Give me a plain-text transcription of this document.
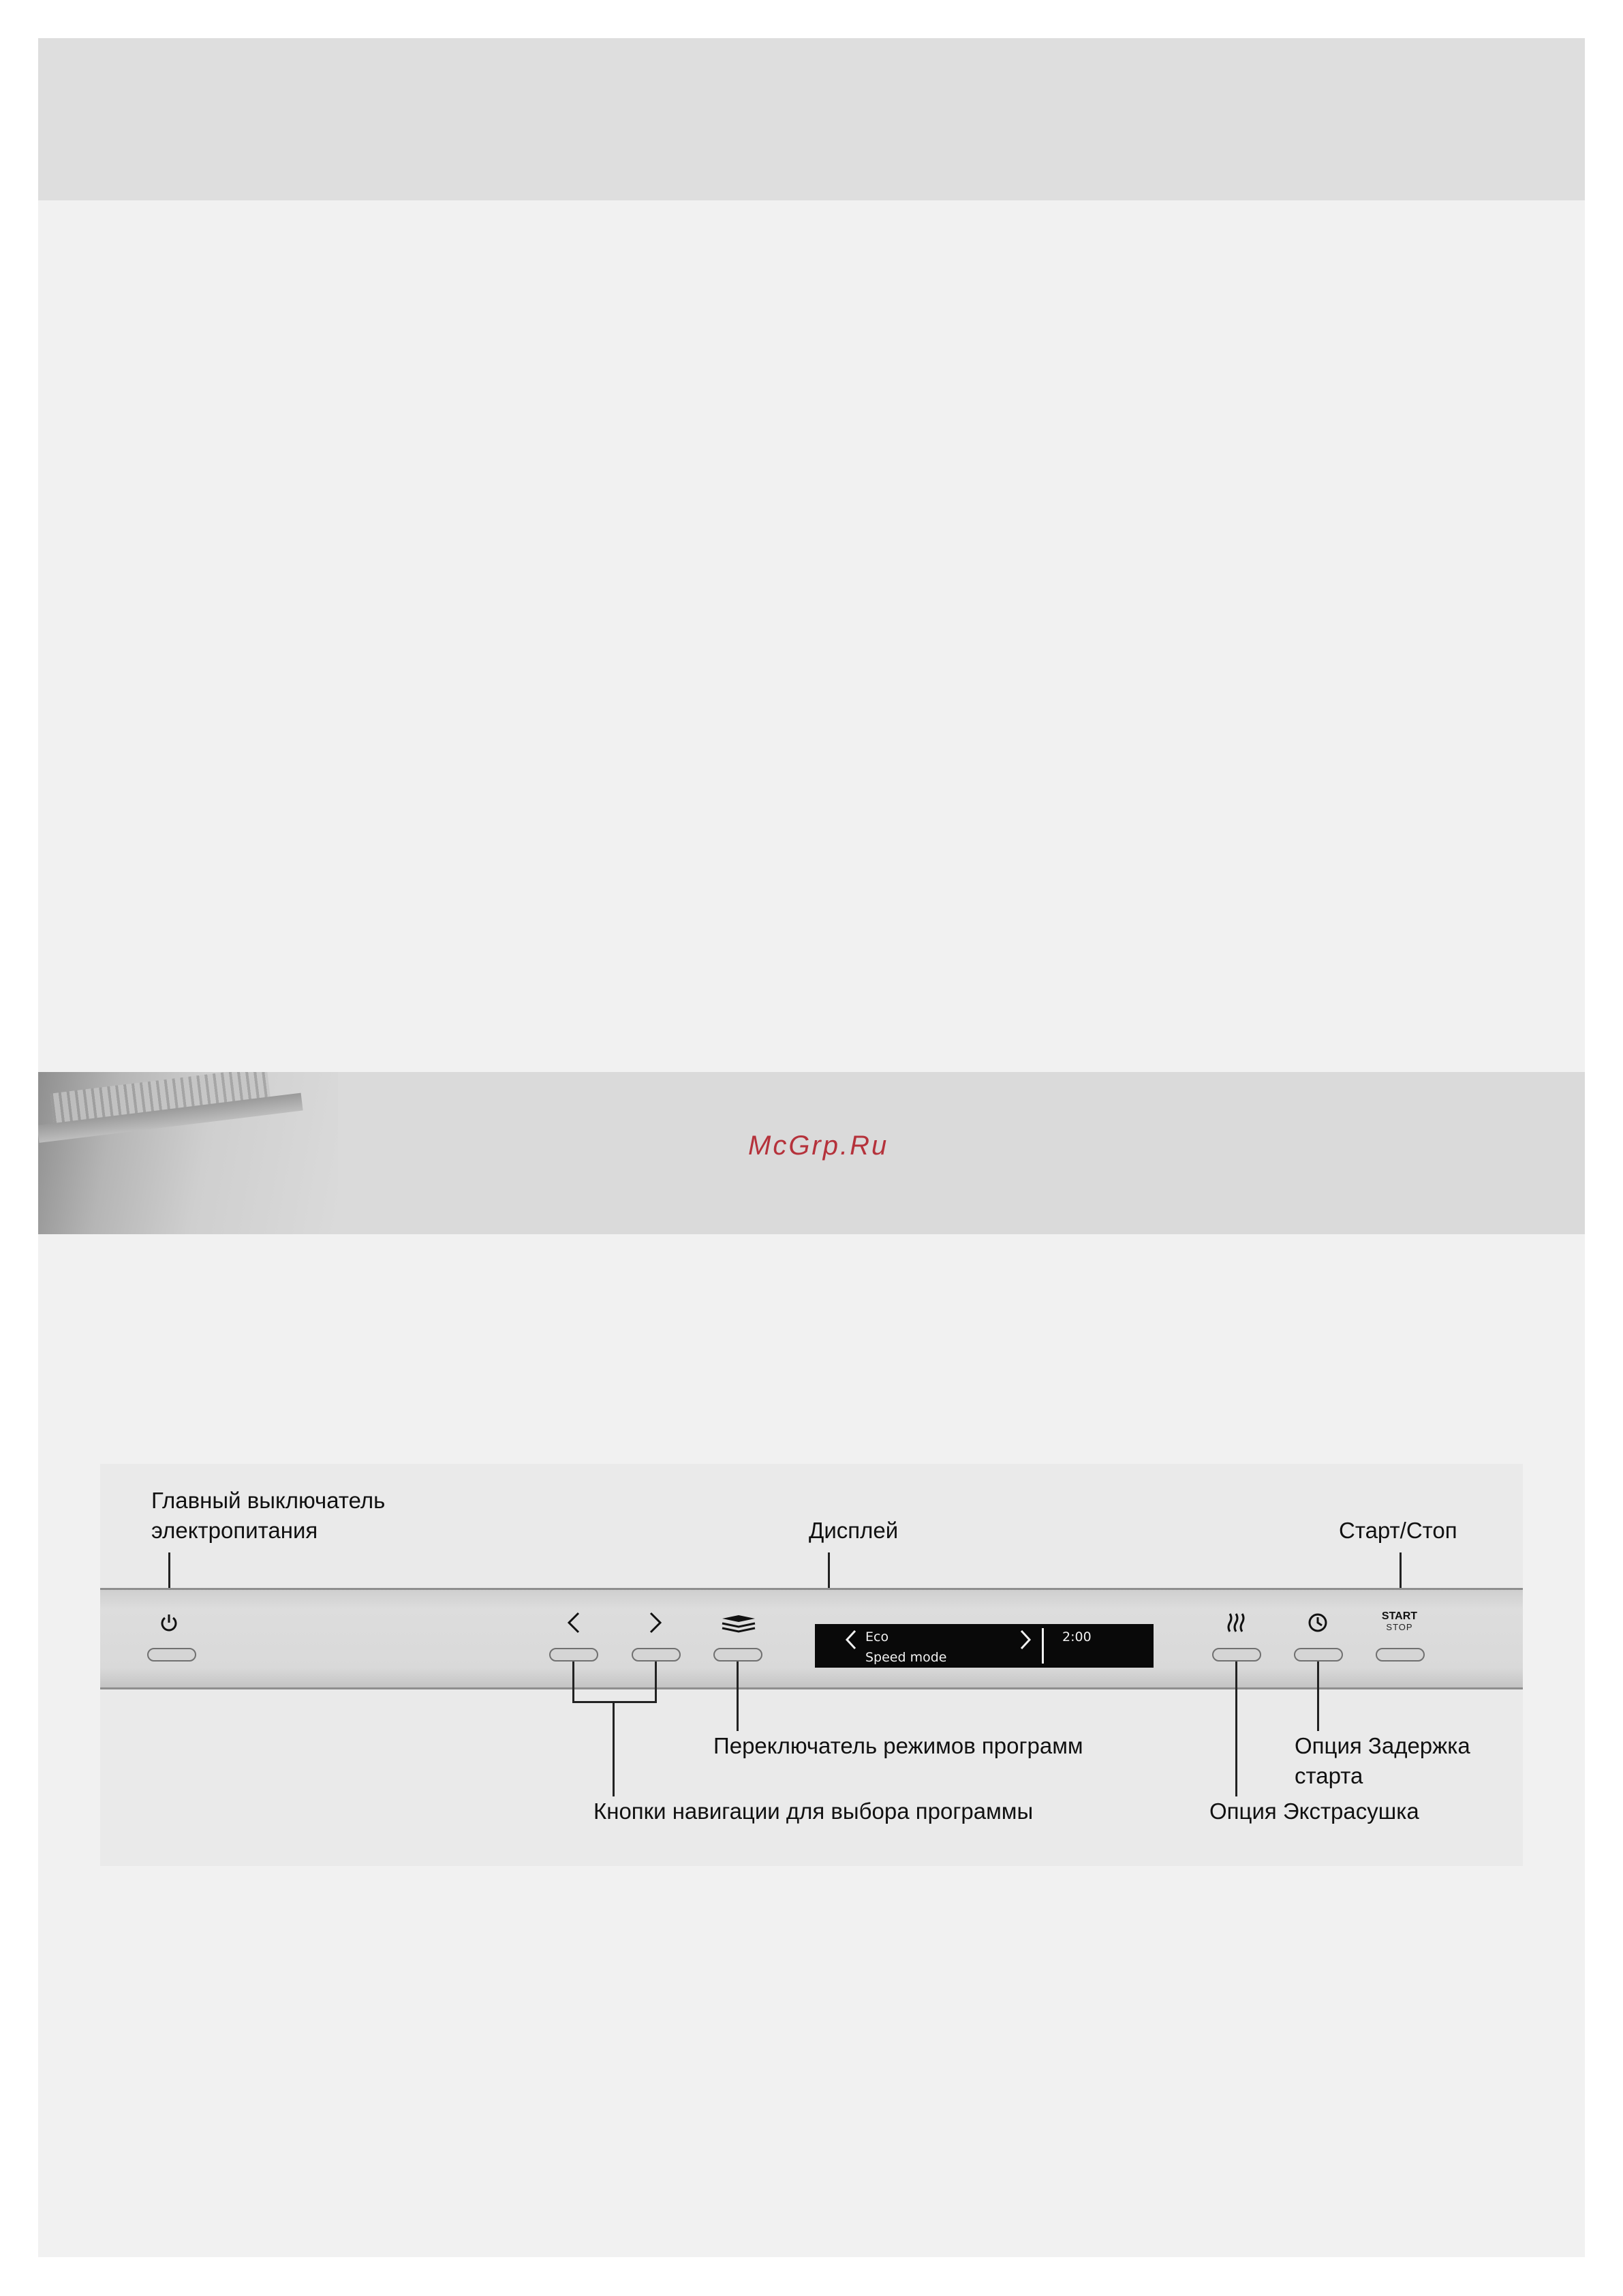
McGrp.Ru
Главный выключатель
электропитания	Дисплей	Старт/Стоп
START
STOP
Eco
Speed mode
2:00
Переключатель режимов программ	Опция Задержка
старта
Кнопки навигации для выбора программы	Опция Экстрасушка
